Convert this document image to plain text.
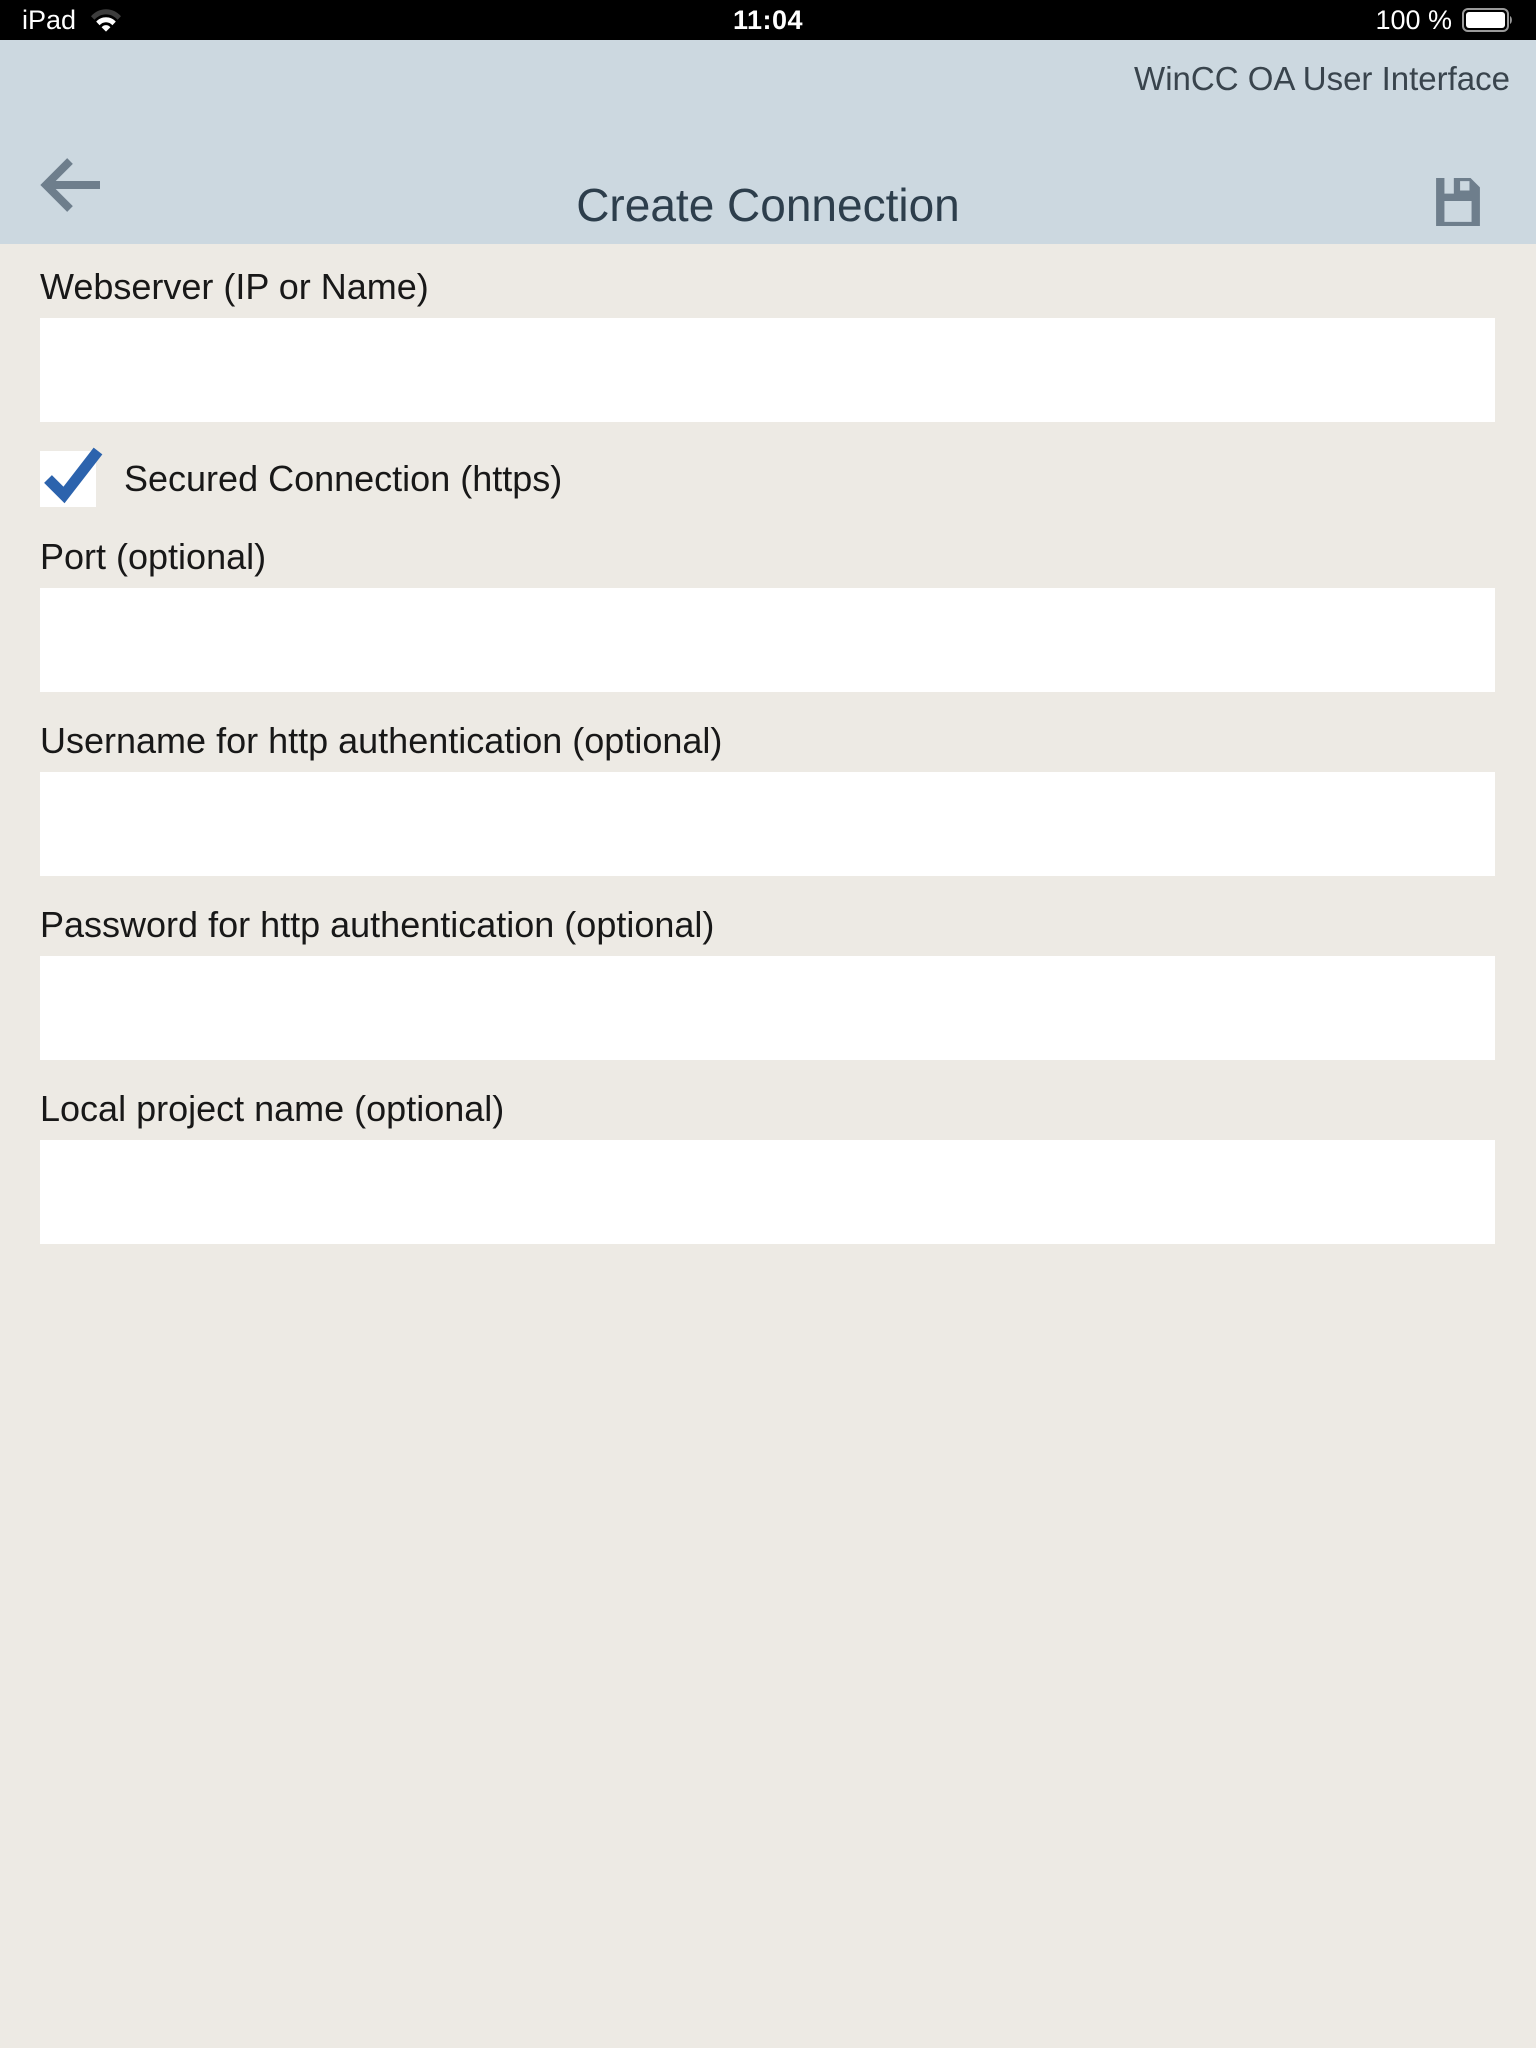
iPad	11:04	100 %
WinCC OA User Interface
Create Connection
Webserver (IP or Name)
Secured Connection (https)
Port (optional)
Username for http authentication (optional)
Password for http authentication (optional)
Local project name (optional)
